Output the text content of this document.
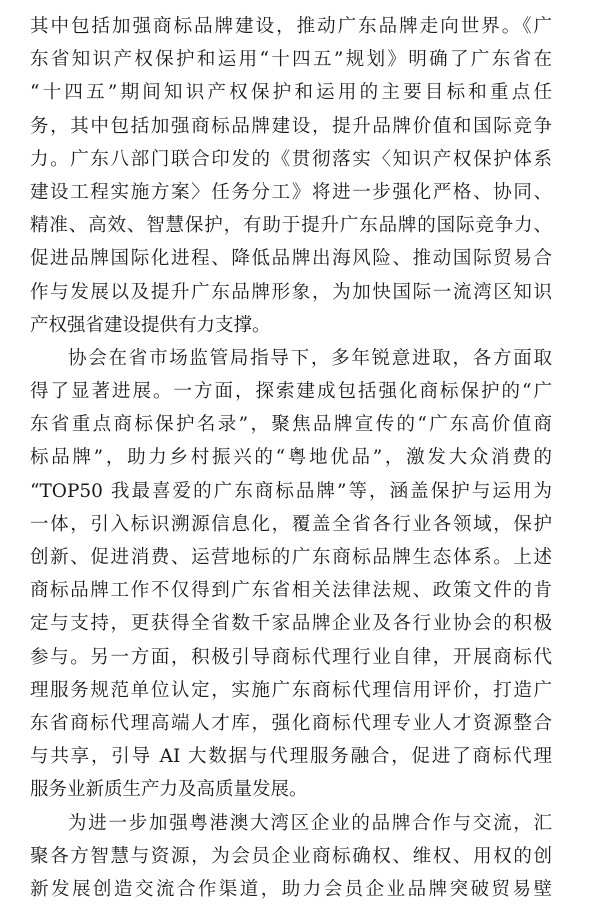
其中包括加强商标品牌建设，推动广东品牌走向世界。《广
东省知识产权保护和运用“十四五”规划》明确了广东省在
“十四五”期间知识产权保护和运用的主要目标和重点任
务，其中包括加强商标品牌建设，提升品牌价值和国际竞争
力。广东八部门联合印发的《贯彻落实〈知识产权保护体系
建设工程实施方案〉任务分工》将进一步强化严格、协同、
精准、高效、智慧保护，有助于提升广东品牌的国际竞争力、
促进品牌国际化进程、降低品牌出海风险、推动国际贸易合
作与发展以及提升广东品牌形象，为加快国际一流湾区知识
产权强省建设提供有力支撑。
协会在省市场监管局指导下，多年锐意进取，各方面取
得了显著进展。一方面，探索建成包括强化商标保护的“广
东省重点商标保护名录”，聚焦品牌宣传的“广东高价值商
标品牌”，助力乡村振兴的“粤地优品”，激发大众消费的
“TOP50 我最喜爱的广东商标品牌”等，涵盖保护与运用为
一体，引入标识溯源信息化，覆盖全省各行业各领域，保护
创新、促进消费、运营地标的广东商标品牌生态体系。上述
商标品牌工作不仅得到广东省相关法律法规、政策文件的肯
定与支持，更获得全省数千家品牌企业及各行业协会的积极
参与。另一方面，积极引导商标代理行业自律，开展商标代
理服务规范单位认定，实施广东商标代理信用评价，打造广
东省商标代理高端人才库，强化商标代理专业人才资源整合
与共享，引导 AI 大数据与代理服务融合，促进了商标代理
服务业新质生产力及高质量发展。
为进一步加强粤港澳大湾区企业的品牌合作与交流，汇
聚各方智慧与资源，为会员企业商标确权、维权、用权的创
新发展创造交流合作渠道，助力会员企业品牌突破贸易壁
